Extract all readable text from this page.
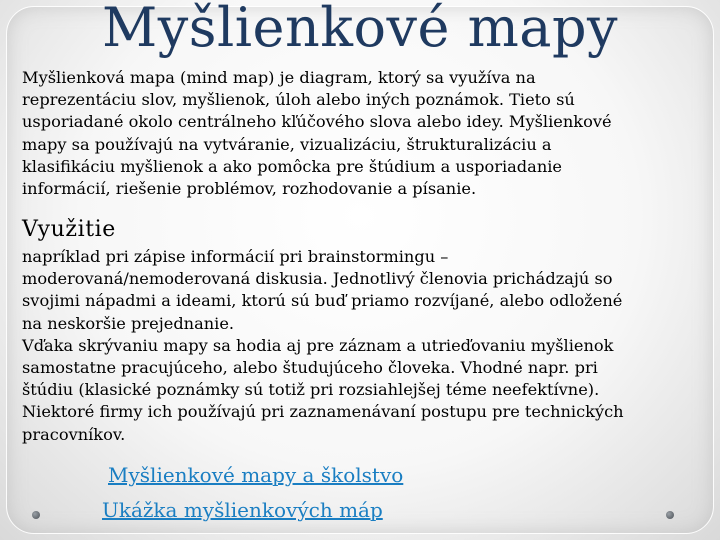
Myšlienkové mapy

Myšlienková mapa (mind map) je diagram, ktorý sa využíva na
reprezentáciu slov, myšlienok, úloh alebo iných poznámok. Tieto sú
usporiadané okolo centrálneho kľúčového slova alebo idey. Myšlienkové
mapy sa používajú na vytváranie, vizualizáciu, štrukturalizáciu a
klasifikáciu myšlienok a ako pomôcka pre štúdium a usporiadanie
informácií, riešenie problémov, rozhodovanie a písanie.

Využitie

napríklad pri zápise informácií pri brainstormingu –
moderovaná/nemoderovaná diskusia. Jednotlivý členovia prichádzajú so
svojimi nápadmi a ideami, ktorú sú buď priamo rozvíjané, alebo odložené
na neskoršie prejednanie.
Vďaka skrývaniu mapy sa hodia aj pre záznam a utrieďovaniu myšlienok
samostatne pracujúceho, alebo študujúceho človeka. Vhodné napr. pri
štúdiu (klasické poznámky sú totiž pri rozsiahlejšej téme neefektívne).
Niektoré firmy ich používajú pri zaznamenávaní postupu pre technických
pracovníkov.

Myšlienkové mapy a školstvo
Ukážka myšlienkových máp
